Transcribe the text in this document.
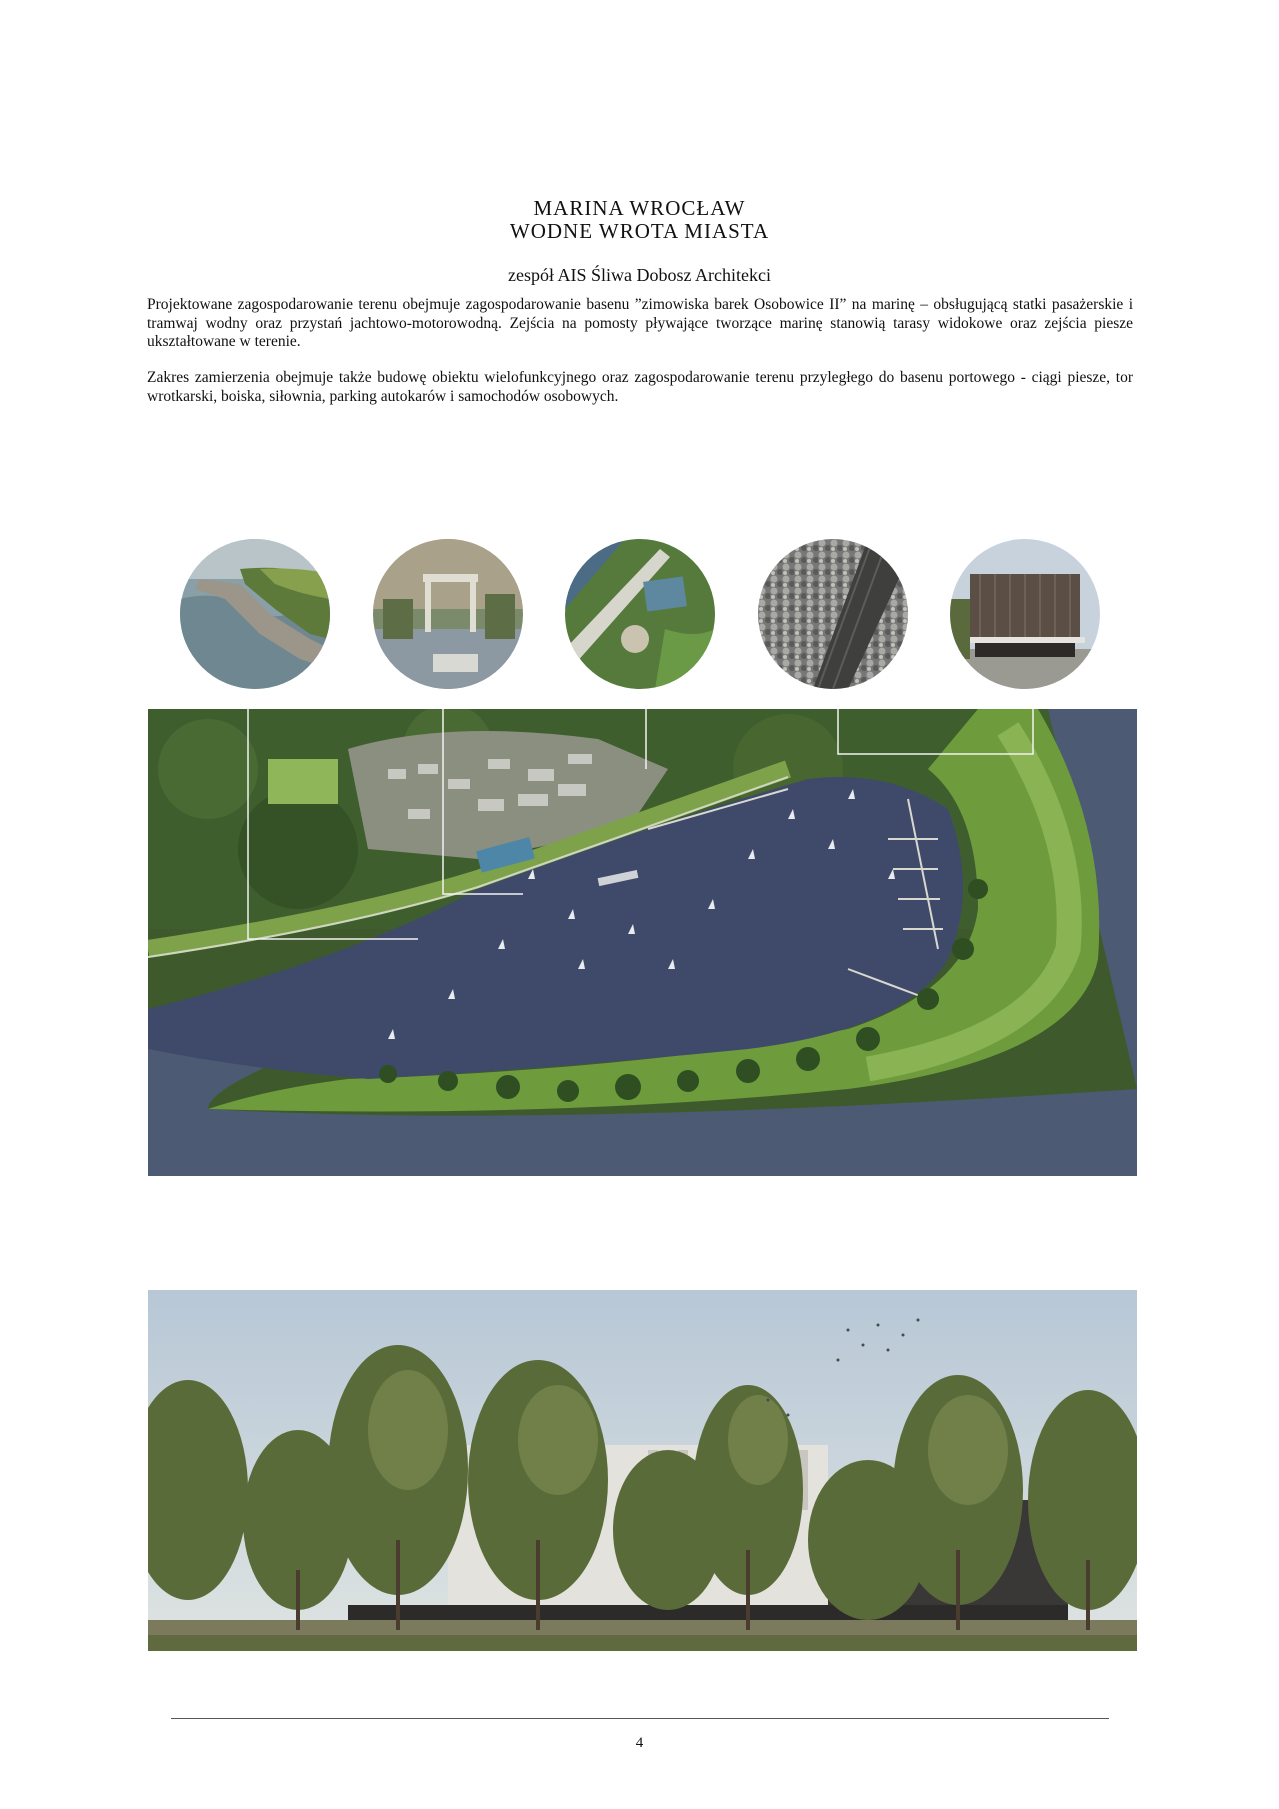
MARINA WROCŁAW
WODNE WROTA MIASTA
zespół AIS Śliwa Dobosz Architekci
Projektowane zagospodarowanie terenu obejmuje zagospodarowanie basenu ”zimowiska barek Osobowice II” na marinę – obsługującą statki pasażerskie i tramwaj wodny oraz przystań jachtowo-motorowodną. Zejścia na pomosty pływające tworzące marinę stanowią tarasy widokowe oraz zejścia piesze ukształtowane w terenie.
Zakres zamierzenia obejmuje także budowę obiektu wielofunkcyjnego oraz zagospodarowanie terenu przyległego do basenu portowego - ciągi piesze, tor wrotkarski, boiska, siłownia, parking autokarów i samochodów osobowych.
4
